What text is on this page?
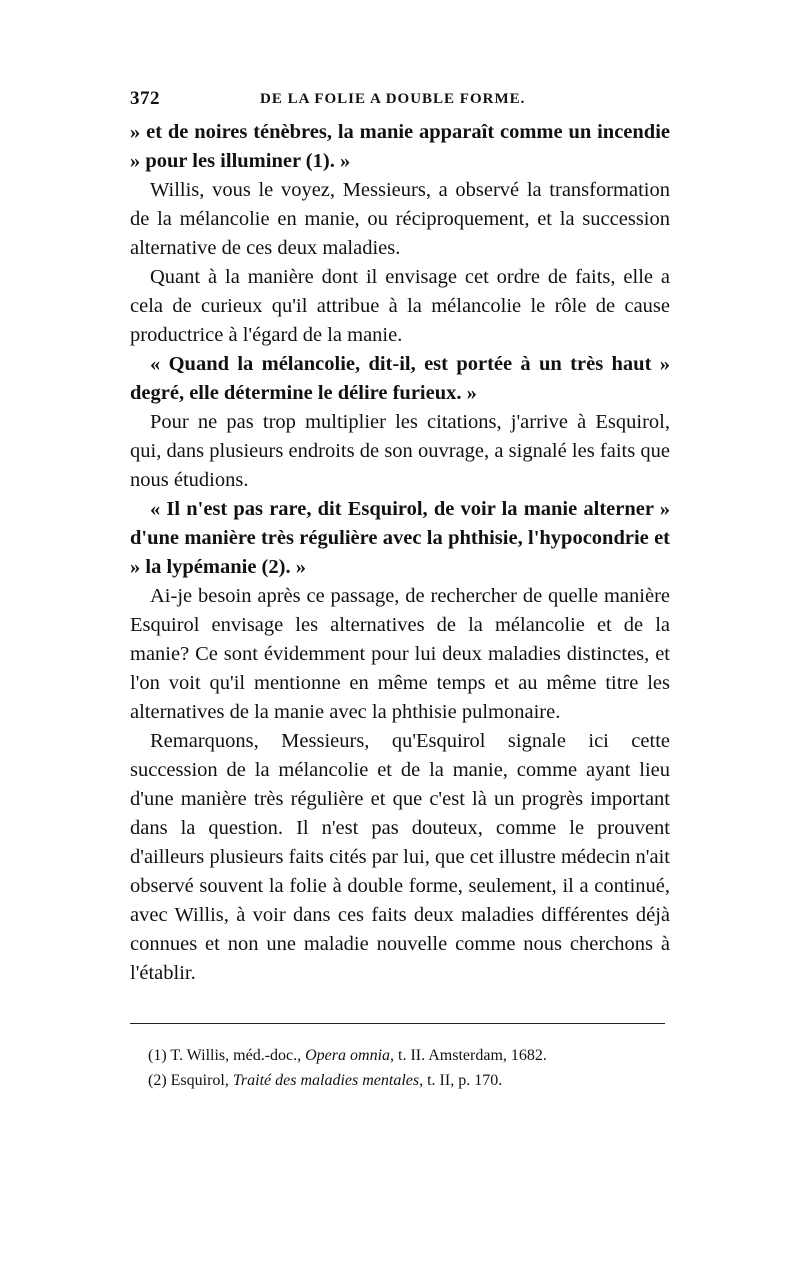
372	DE LA FOLIE A DOUBLE FORME.

» et de noires ténèbres, la manie apparaît comme un incendie » pour les illuminer (1). »

Willis, vous le voyez, Messieurs, a observé la transformation de la mélancolie en manie, ou réciproquement, et la succession alternative de ces deux maladies.

Quant à la manière dont il envisage cet ordre de faits, elle a cela de curieux qu'il attribue à la mélancolie le rôle de cause productrice à l'égard de la manie.

« Quand la mélancolie, dit-il, est portée à un très haut » degré, elle détermine le délire furieux. »

Pour ne pas trop multiplier les citations, j'arrive à Esquirol, qui, dans plusieurs endroits de son ouvrage, a signalé les faits que nous étudions.

« Il n'est pas rare, dit Esquirol, de voir la manie alterner » d'une manière très régulière avec la phthisie, l'hypocondrie et » la lypémanie (2). »

Ai-je besoin après ce passage, de rechercher de quelle manière Esquirol envisage les alternatives de la mélancolie et de la manie? Ce sont évidemment pour lui deux maladies distinctes, et l'on voit qu'il mentionne en même temps et au même titre les alternatives de la manie avec la phthisie pulmonaire.

Remarquons, Messieurs, qu'Esquirol signale ici cette succession de la mélancolie et de la manie, comme ayant lieu d'une manière très régulière et que c'est là un progrès important dans la question. Il n'est pas douteux, comme le prouvent d'ailleurs plusieurs faits cités par lui, que cet illustre médecin n'ait observé souvent la folie à double forme, seulement, il a continué, avec Willis, à voir dans ces faits deux maladies différentes déjà connues et non une maladie nouvelle comme nous cherchons à l'établir.

(1) T. Willis, méd.-doc., Opera omnia, t. II. Amsterdam, 1682.
(2) Esquirol, Traité des maladies mentales, t. II, p. 170.
